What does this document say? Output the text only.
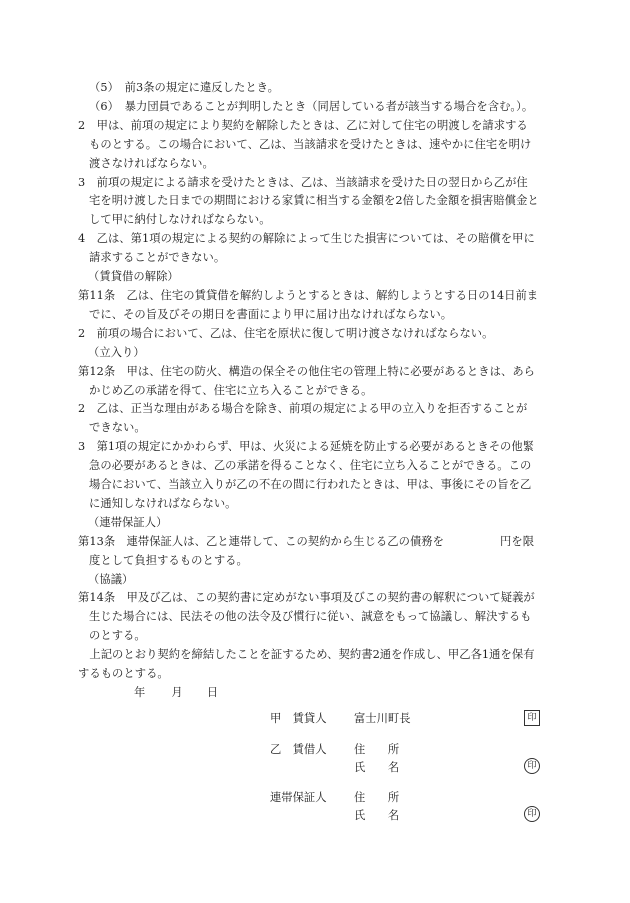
（5）　前3条の規定に違反したとき。
（6）　暴力団員であることが判明したとき（同居している者が該当する場合を含む。）。
2　甲は、前項の規定により契約を解除したときは、乙に対して住宅の明渡しを請求する
ものとする。この場合において、乙は、当該請求を受けたときは、速やかに住宅を明け
渡さなければならない。
3　前項の規定による請求を受けたときは、乙は、当該請求を受けた日の翌日から乙が住
宅を明け渡した日までの期間における家賃に相当する金額を2倍した金額を損害賠償金と
して甲に納付しなければならない。
4　乙は、第1項の規定による契約の解除によって生じた損害については、その賠償を甲に
請求することができない。
（賃貸借の解除）
第11条　乙は、住宅の賃貸借を解約しようとするときは、解約しようとする日の14日前ま
でに、その旨及びその期日を書面により甲に届け出なければならない。
2　前項の場合において、乙は、住宅を原状に復して明け渡さなければならない。
（立入り）
第12条　甲は、住宅の防火、構造の保全その他住宅の管理上特に必要があるときは、あら
かじめ乙の承諾を得て、住宅に立ち入ることができる。
2　乙は、正当な理由がある場合を除き、前項の規定による甲の立入りを拒否することが
できない。
3　第1項の規定にかかわらず、甲は、火災による延焼を防止する必要があるときその他緊
急の必要があるときは、乙の承諾を得ることなく、住宅に立ち入ることができる。この
場合において、当該立入りが乙の不在の間に行われたときは、甲は、事後にその旨を乙
に通知しなければならない。
（連帯保証人）
第13条　連帯保証人は、乙と連帯して、この契約から生じる乙の債務を	円を限
度として負担するものとする。
（協議）
第14条　甲及び乙は、この契約書に定めがない事項及びこの契約書の解釈について疑義が
生じた場合には、民法その他の法令及び慣行に従い、誠意をもって協議し、解決するも
のとする。
　上記のとおり契約を締結したことを証するため、契約書2通を作成し、甲乙各1通を保有
するものとする。
年 月 日
甲　賃貸人 富士川町長	印
乙　賃借人 住　　所
氏　　名	印
連帯保証人 住　　所
氏　　名	印
